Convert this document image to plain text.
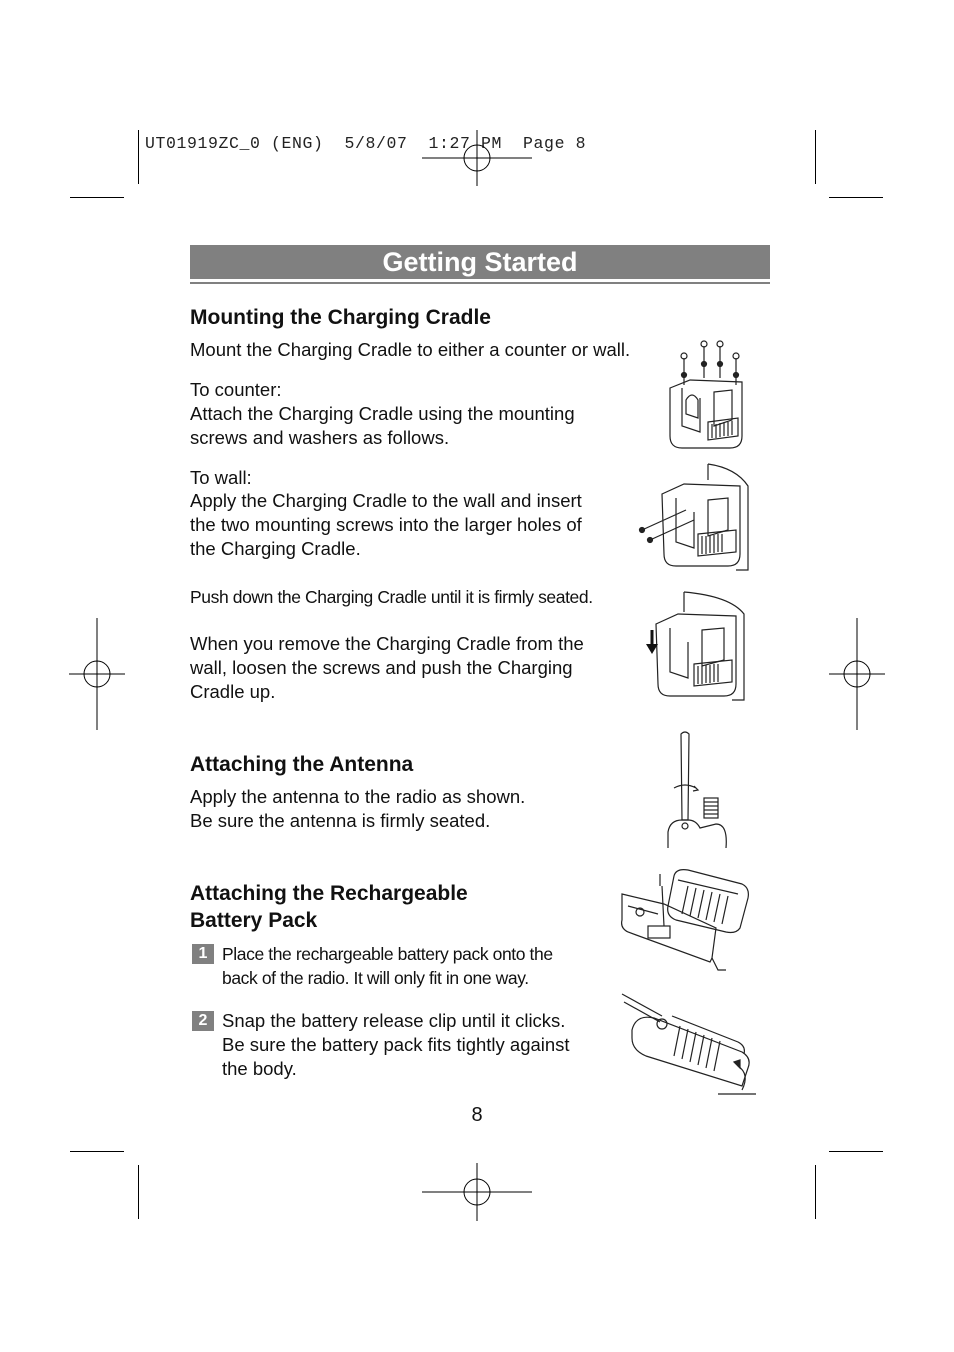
UT01919ZC_0 (ENG)  5/8/07  1:27 PM  Page 8
Getting Started
Mounting the Charging Cradle

Mount the Charging Cradle to either a counter or wall.

To counter:

Attach the Charging Cradle using the mounting

screws and washers as follows.

To wall:

Apply the Charging Cradle to the wall and insert

the two mounting screws into the larger holes of

the Charging Cradle.

Push down the Charging Cradle until it is firmly seated.

When you remove the Charging Cradle from the

wall, loosen the screws and push the Charging

Cradle up.

Attaching the Antenna

Apply the antenna to the radio as shown.

Be sure the antenna is firmly seated.

Attaching the Rechargeable
Battery Pack
1 Place the rechargeable battery pack onto the

back of the radio. It will only fit in one way.

2 Snap the battery release clip until it clicks.

Be sure the battery pack fits tightly against

the body.

8
